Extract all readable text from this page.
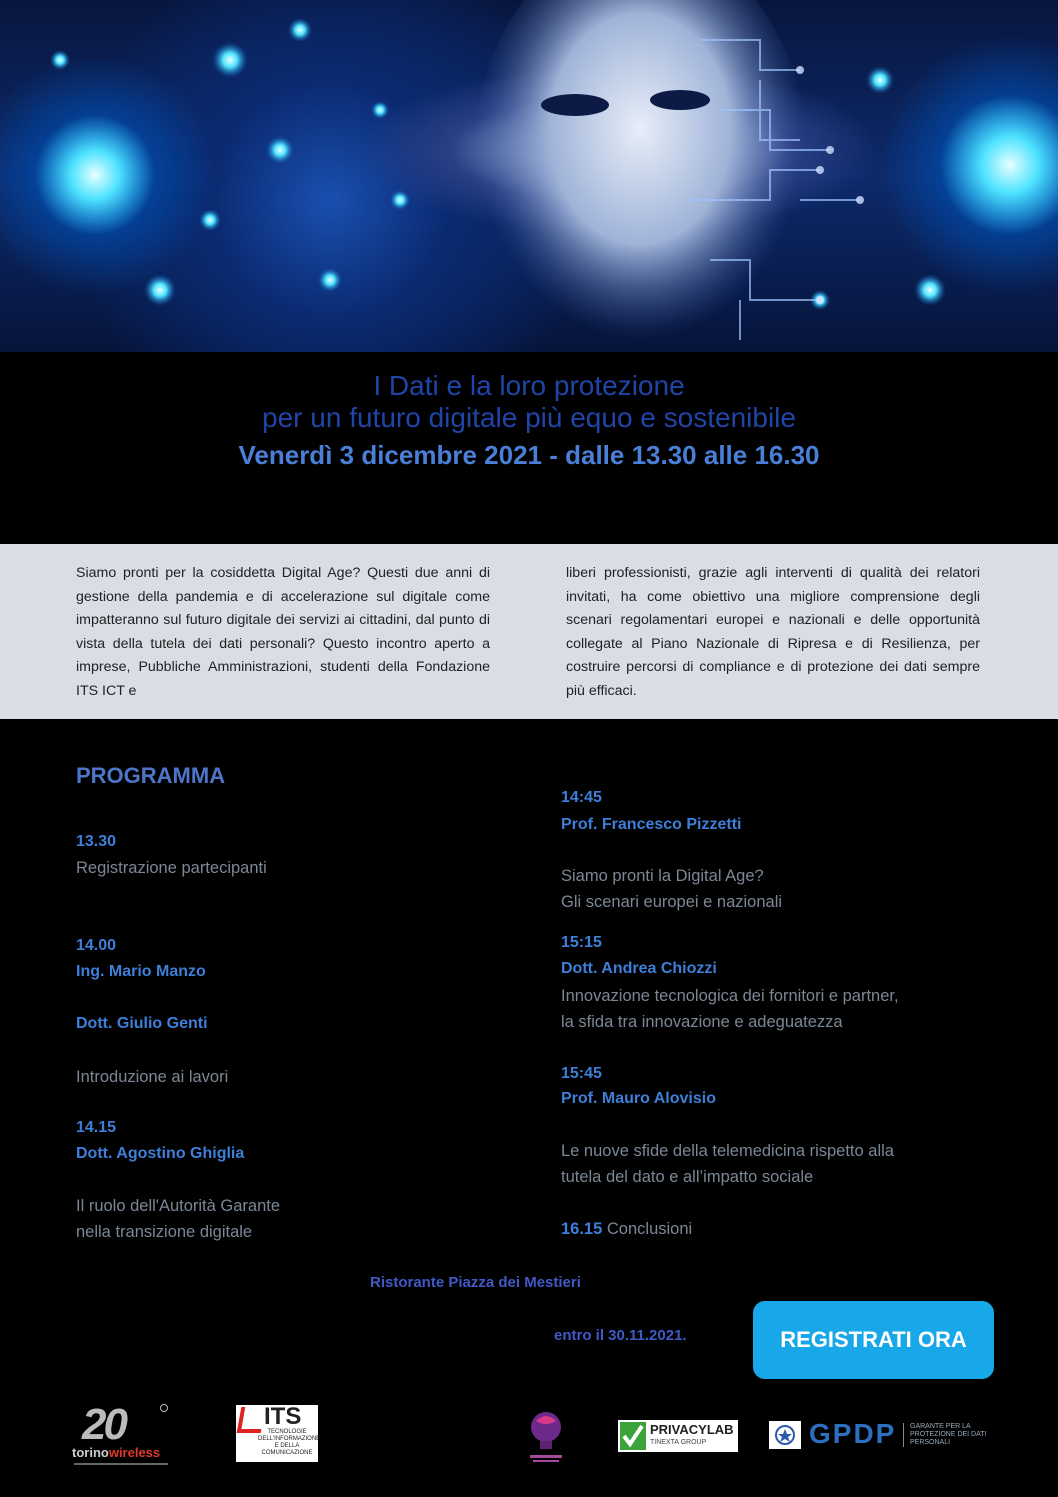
I Dati e la loro protezione

per un futuro digitale più equo e sostenibile

Venerdì 3 dicembre 2021 - dalle 13.30 alle 16.30

Siamo pronti per la cosiddetta Digital Age? Questi due anni di gestione della pandemia e di accelerazione sul digitale come impatteranno sul futuro digitale dei servizi ai cittadini, dal punto di vista della tutela dei dati personali? Questo incontro aperto a imprese, Pubbliche Amministrazioni, studenti della Fondazione ITS ICT e
liberi professionisti, grazie agli interventi di qualità dei relatori invitati, ha come obiettivo una migliore comprensione degli scenari regolamentari europei e nazionali e delle opportunità collegate al Piano Nazionale di Ripresa e di Resilienza, per costruire percorsi di compliance e di protezione dei dati sempre più efficaci.
PROGRAMMA
13.30
Registrazione partecipanti
14.00
Ing. Mario Manzo
Dott. Giulio Genti
Introduzione ai lavori
14.15
Dott. Agostino Ghiglia
Il ruolo dell'Autorità Garante
nella transizione digitale
14:45
Prof. Francesco Pizzetti
Siamo pronti la Digital Age?
Gli scenari europei e nazionali
15:15
Dott. Andrea Chiozzi
Innovazione tecnologica dei fornitori e partner,
la sfida tra innovazione e adeguatezza
15:45
Prof. Mauro Alovisio
Le nuove sfide della telemedicina rispetto alla
tutela del dato e all’impatto sociale
16.15 Conclusioni
Ristorante Piazza dei Mestieri
entro il 30.11.2021.	REGISTRATI ORA
20
torinowireless
ITS
TECNOLOGIE DELL'INFORMAZIONE E DELLA COMUNICAZIONE
PRIVACYLAB
TINEXTA GROUP	GPDP GARANTE PER LA PROTEZIONE DEI DATI PERSONALI
